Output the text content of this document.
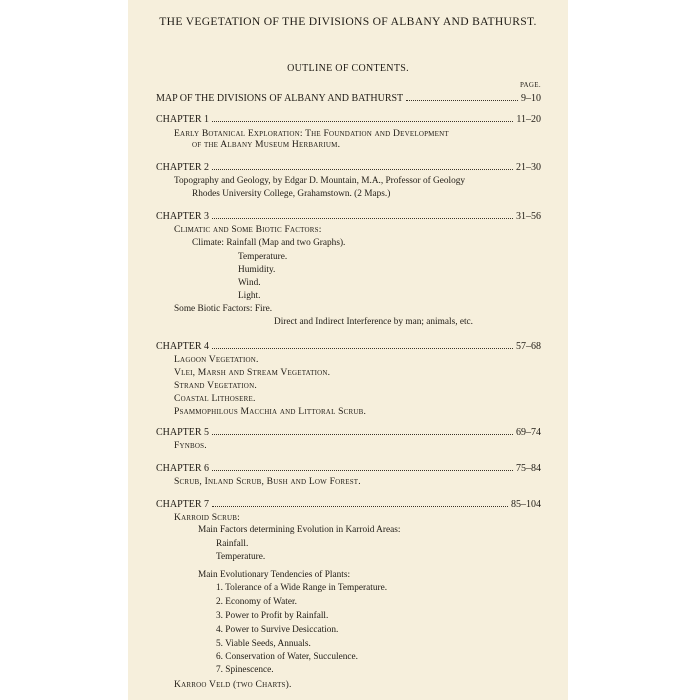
THE VEGETATION OF THE DIVISIONS OF ALBANY AND BATHURST.
OUTLINE OF CONTENTS.
PAGE.
MAP OF THE DIVISIONS OF ALBANY AND BATHURST	9–10
CHAPTER 1	11–20
Early Botanical Exploration: The Foundation and Development
of the Albany Museum Herbarium.
CHAPTER 2	21–30
Topography and Geology, by Edgar D. Mountain, M.A., Professor of Geology
Rhodes University College, Grahamstown. (2 Maps.)
CHAPTER 3	31–56
Climatic and Some Biotic Factors:
Climate: Rainfall (Map and two Graphs).
Temperature.
Humidity.
Wind.
Light.
Some Biotic Factors: Fire.
Direct and Indirect Interference by man; animals, etc.
CHAPTER 4	57–68
Lagoon Vegetation.
Vlei, Marsh and Stream Vegetation.
Strand Vegetation.
Coastal Lithosere.
Psammophilous Macchia and Littoral Scrub.
CHAPTER 5	69–74
Fynbos.
CHAPTER 6	75–84
Scrub, Inland Scrub, Bush and Low Forest.
CHAPTER 7	85–104
Karroid Scrub:
Main Factors determining Evolution in Karroid Areas:
Rainfall.
Temperature.
Main Evolutionary Tendencies of Plants:
1. Tolerance of a Wide Range in Temperature.
2. Economy of Water.
3. Power to Profit by Rainfall.
4. Power to Survive Desiccation.
5. Viable Seeds, Annuals.
6. Conservation of Water, Succulence.
7. Spinescence.
Karroo Veld (two Charts).
